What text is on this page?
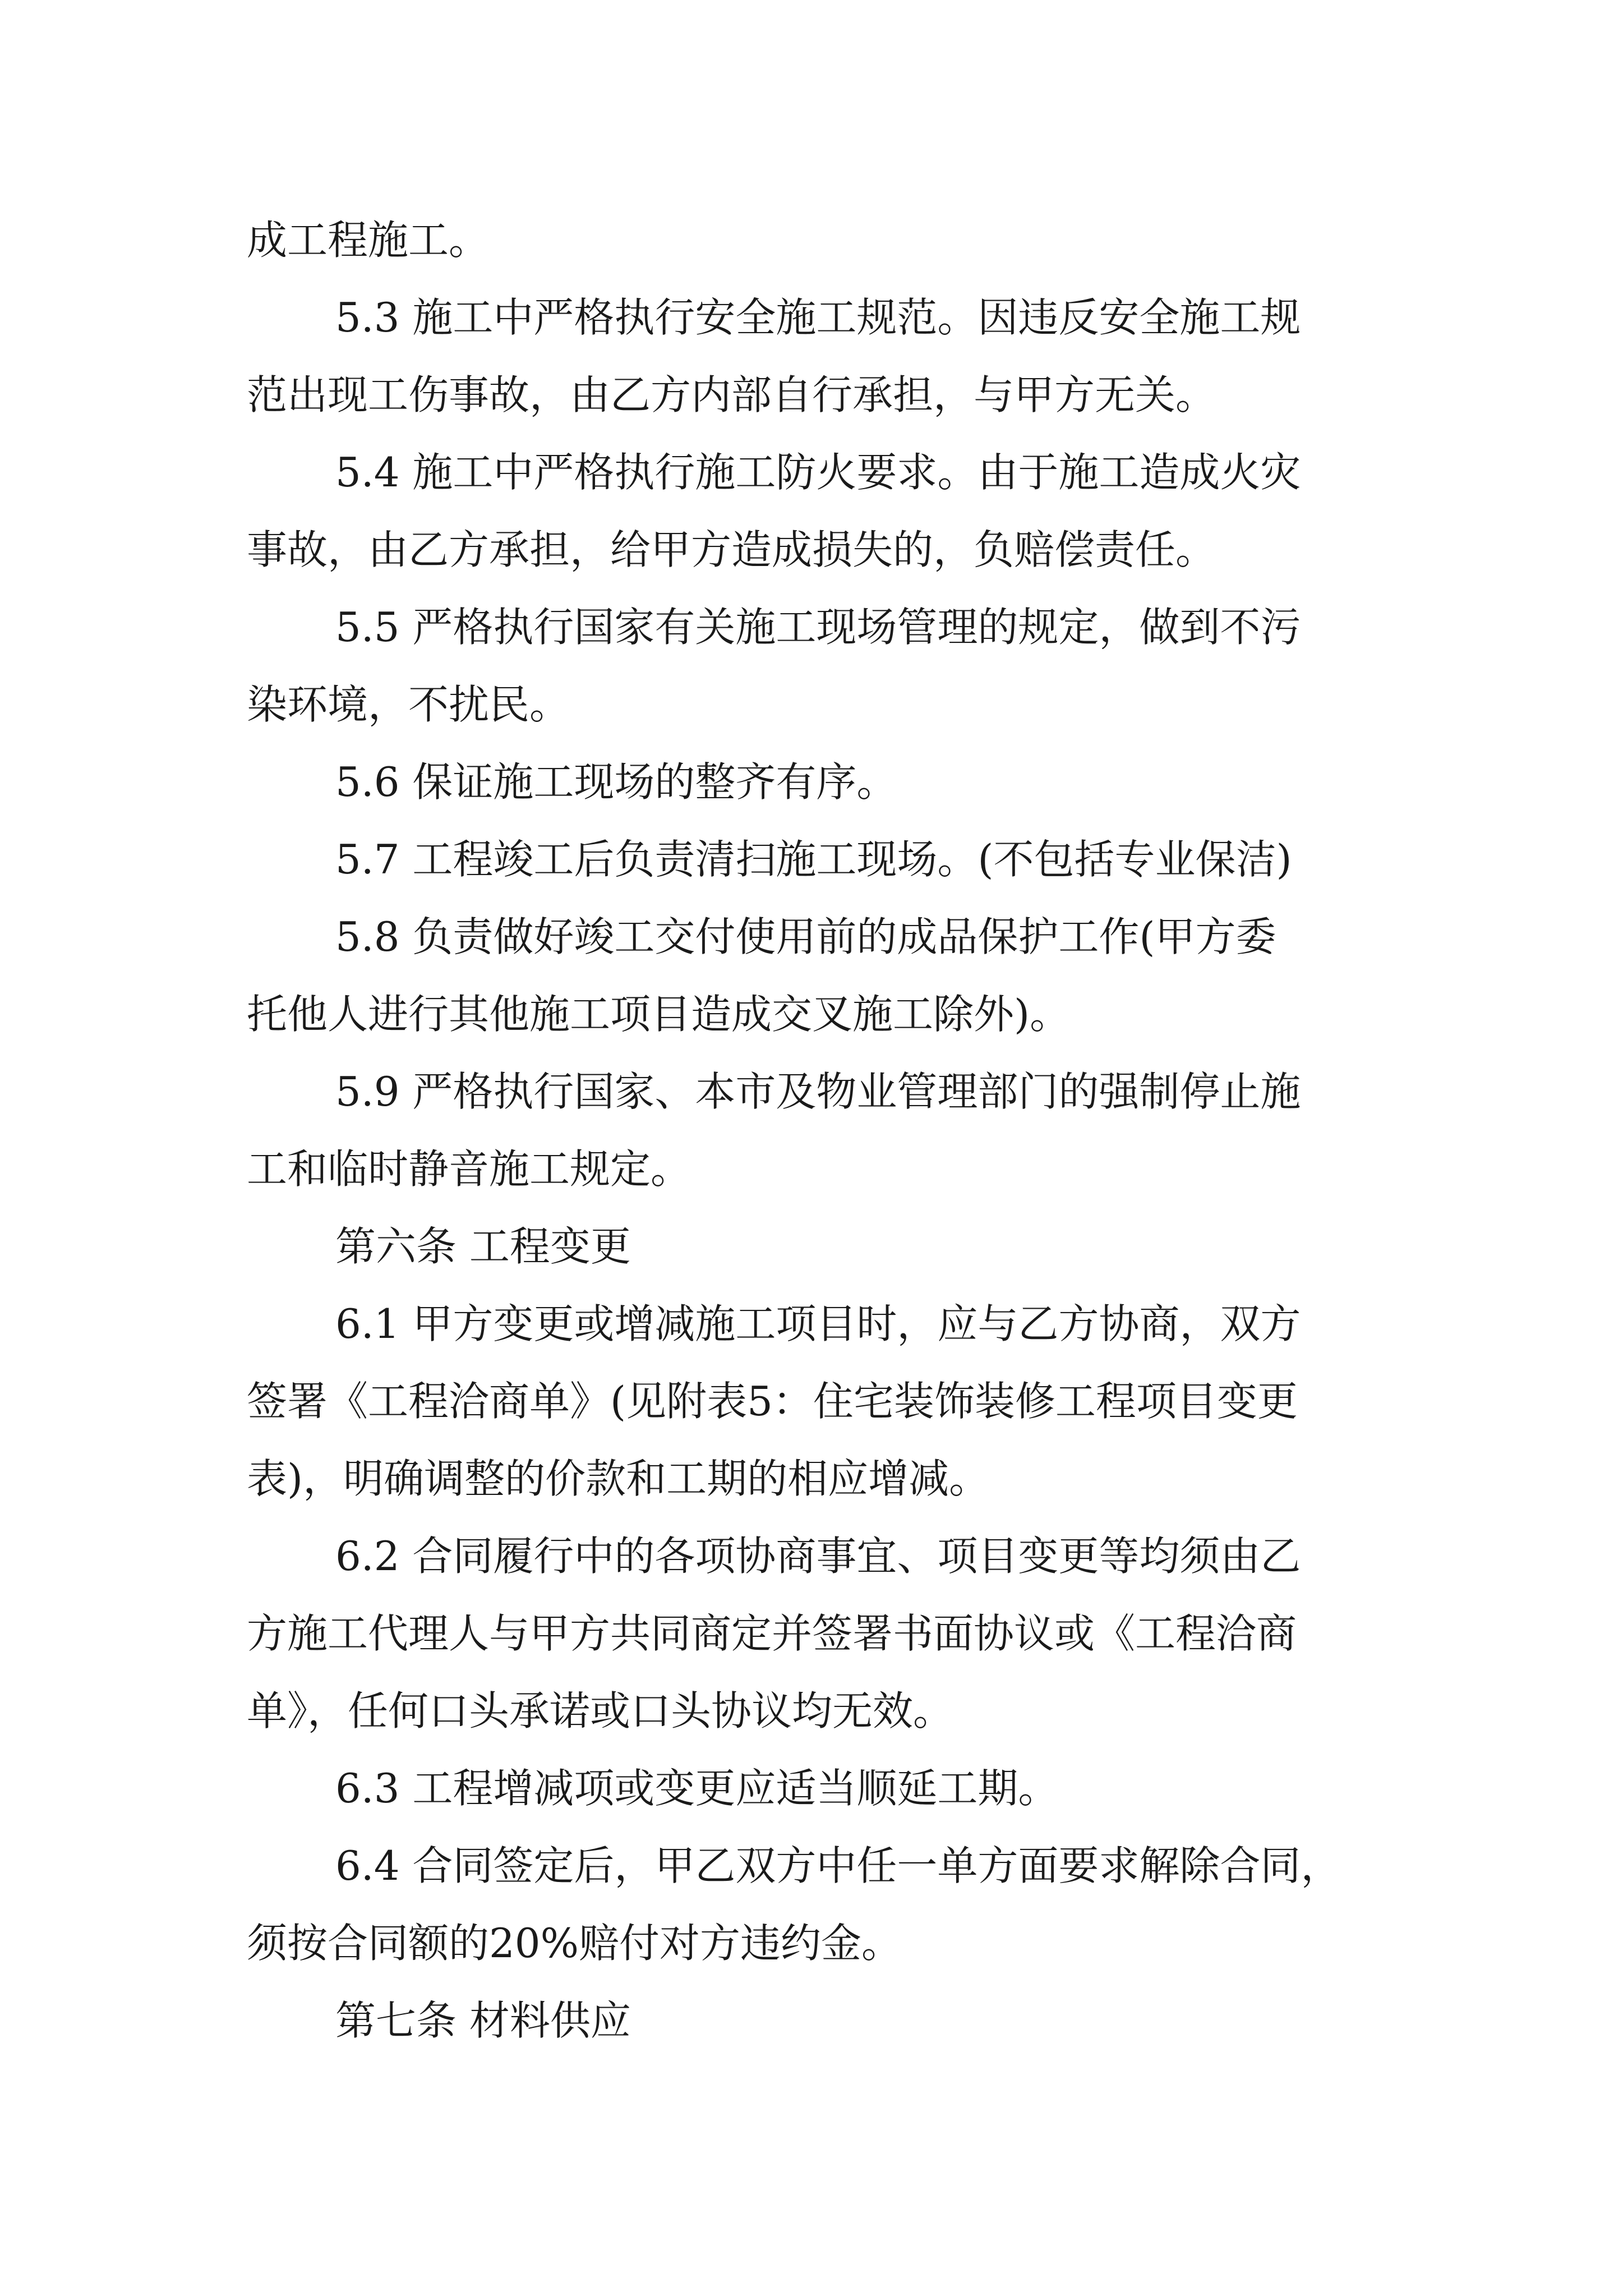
成工程施工。

5.3 施工中严格执行安全施工规范。因违反安全施工规

范出现工伤事故，由乙方内部自行承担，与甲方无关。

5.4 施工中严格执行施工防火要求。由于施工造成火灾

事故，由乙方承担，给甲方造成损失的，负赔偿责任。

5.5 严格执行国家有关施工现场管理的规定，做到不污

染环境，不扰民。

5.6 保证施工现场的整齐有序。

5.7 工程竣工后负责清扫施工现场。(不包括专业保洁)

5.8 负责做好竣工交付使用前的成品保护工作(甲方委

托他人进行其他施工项目造成交叉施工除外)。

5.9 严格执行国家、本市及物业管理部门的强制停止施

工和临时静音施工规定。

第六条 工程变更

6.1 甲方变更或增减施工项目时，应与乙方协商，双方

签署《工程洽商单》(见附表5：住宅装饰装修工程项目变更

表)，明确调整的价款和工期的相应增减。

6.2 合同履行中的各项协商事宜、项目变更等均须由乙

方施工代理人与甲方共同商定并签署书面协议或《工程洽商

单》，任何口头承诺或口头协议均无效。

6.3 工程增减项或变更应适当顺延工期。

6.4 合同签定后，甲乙双方中任一单方面要求解除合同，

须按合同额的20%赔付对方违约金。

第七条 材料供应
